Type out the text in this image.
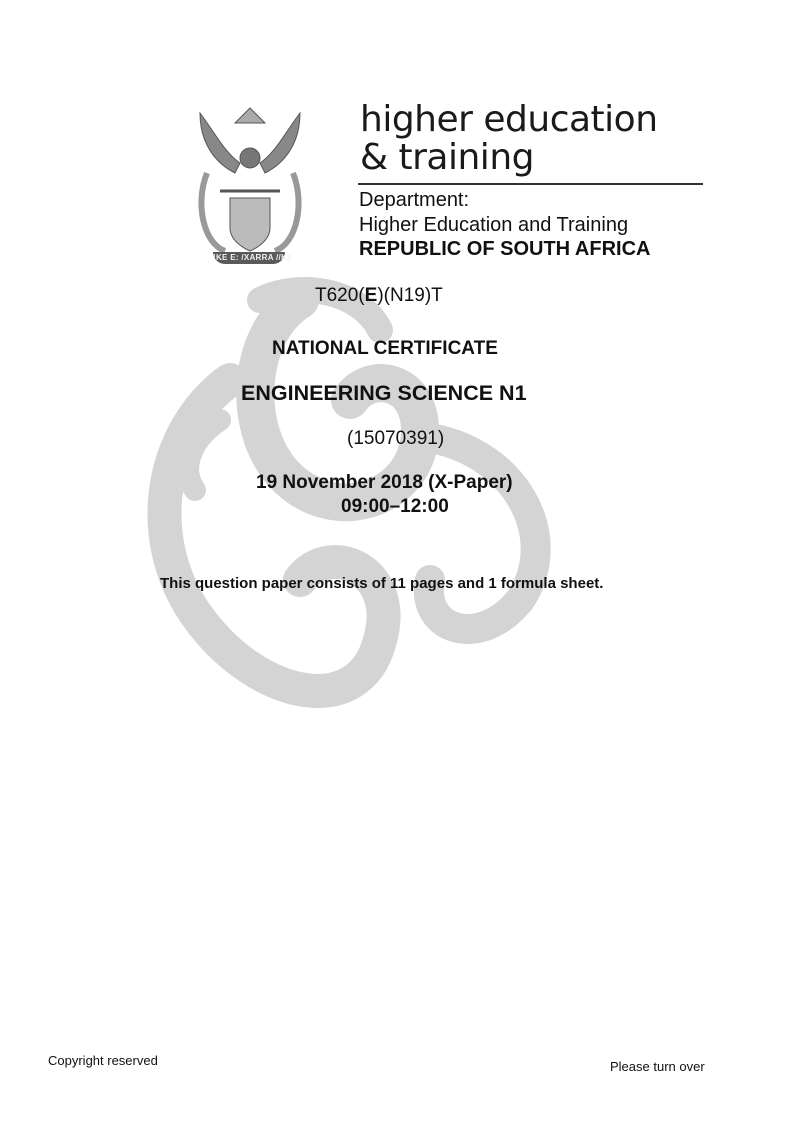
!KE E: /XARRA //KE
higher education
& training
Department:
Higher Education and Training
REPUBLIC OF SOUTH AFRICA
T620(E)(N19)T
NATIONAL CERTIFICATE
ENGINEERING SCIENCE N1
(15070391)
19 November 2018 (X-Paper)
09:00–12:00
This question paper consists of 11 pages and 1 formula sheet.
Copyright reserved	Please turn over
